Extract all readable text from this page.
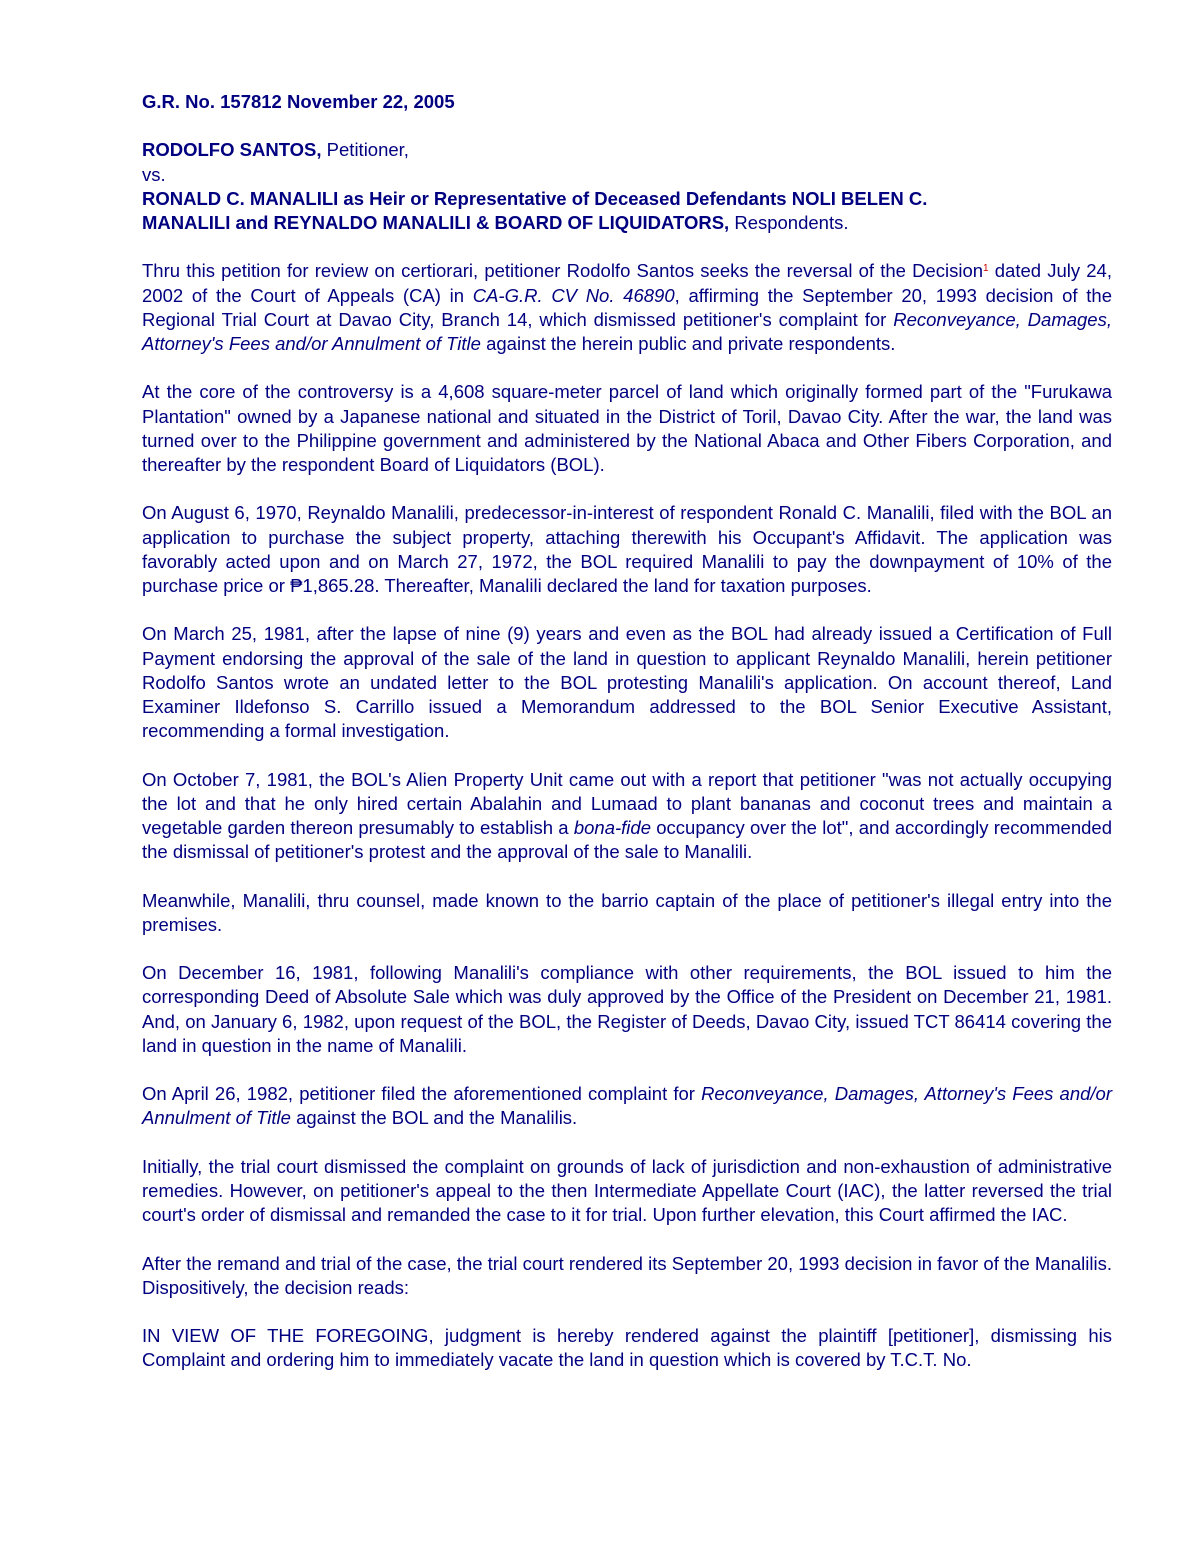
G.R. No. 157812 November 22, 2005
RODOLFO SANTOS, Petitioner,
vs.
RONALD C. MANALILI as Heir or Representative of Deceased Defendants NOLI BELEN C.
MANALILI and REYNALDO MANALILI & BOARD OF LIQUIDATORS, Respondents.

Thru this petition for review on certiorari, petitioner Rodolfo Santos seeks the reversal of the Decision$^1$ dated July 24, 2002 of the Court of Appeals (CA) in CA-G.R. CV No. 46890, affirming the September 20, 1993 decision of the Regional Trial Court at Davao City, Branch 14, which dismissed petitioner's complaint for Reconveyance, Damages, Attorney's Fees and/or Annulment of Title against the herein public and private respondents.

At the core of the controversy is a 4,608 square-meter parcel of land which originally formed part of the "Furukawa Plantation" owned by a Japanese national and situated in the District of Toril, Davao City. After the war, the land was turned over to the Philippine government and administered by the National Abaca and Other Fibers Corporation, and thereafter by the respondent Board of Liquidators (BOL).

On August 6, 1970, Reynaldo Manalili, predecessor-in-interest of respondent Ronald C. Manalili, filed with the BOL an application to purchase the subject property, attaching therewith his Occupant's Affidavit. The application was favorably acted upon and on March 27, 1972, the BOL required Manalili to pay the downpayment of 10% of the purchase price or ₱1,865.28. Thereafter, Manalili declared the land for taxation purposes.

On March 25, 1981, after the lapse of nine (9) years and even as the BOL had already issued a Certification of Full Payment endorsing the approval of the sale of the land in question to applicant Reynaldo Manalili, herein petitioner Rodolfo Santos wrote an undated letter to the BOL protesting Manalili's application. On account thereof, Land Examiner Ildefonso S. Carrillo issued a Memorandum addressed to the BOL Senior Executive Assistant, recommending a formal investigation.

On October 7, 1981, the BOL's Alien Property Unit came out with a report that petitioner "was not actually occupying the lot and that he only hired certain Abalahin and Lumaad to plant bananas and coconut trees and maintain a vegetable garden thereon presumably to establish a bona-fide occupancy over the lot", and accordingly recommended the dismissal of petitioner's protest and the approval of the sale to Manalili.

Meanwhile, Manalili, thru counsel, made known to the barrio captain of the place of petitioner's illegal entry into the premises.

On December 16, 1981, following Manalili's compliance with other requirements, the BOL issued to him the corresponding Deed of Absolute Sale which was duly approved by the Office of the President on December 21, 1981. And, on January 6, 1982, upon request of the BOL, the Register of Deeds, Davao City, issued TCT 86414 covering the land in question in the name of Manalili.

On April 26, 1982, petitioner filed the aforementioned complaint for Reconveyance, Damages, Attorney's Fees and/or Annulment of Title against the BOL and the Manalilis.

Initially, the trial court dismissed the complaint on grounds of lack of jurisdiction and non-exhaustion of administrative remedies. However, on petitioner's appeal to the then Intermediate Appellate Court (IAC), the latter reversed the trial court's order of dismissal and remanded the case to it for trial. Upon further elevation, this Court affirmed the IAC.

After the remand and trial of the case, the trial court rendered its September 20, 1993 decision in favor of the Manalilis. Dispositively, the decision reads:

IN VIEW OF THE FOREGOING, judgment is hereby rendered against the plaintiff [petitioner], dismissing his Complaint and ordering him to immediately vacate the land in question which is covered by T.C.T. No.
